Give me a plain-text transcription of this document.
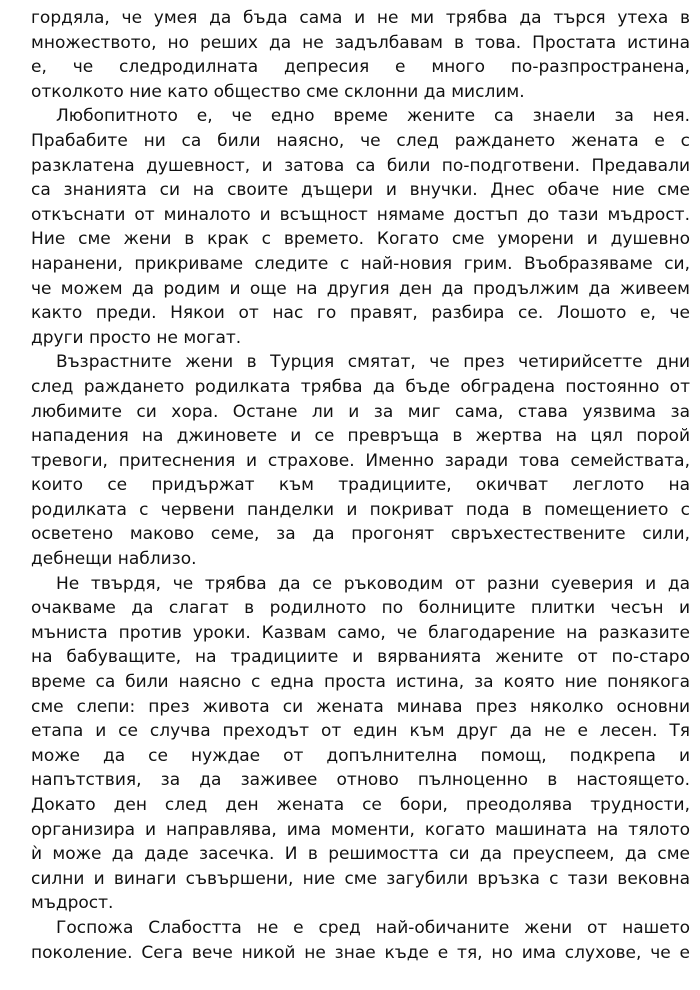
гордяла, че умея да бъда сама и не ми трябва да търся утеха в
множеството, но реших да не задълбавам в това. Простата истина
е, че следродилната депресия е много по-разпространена,
отколкото ние като общество сме склонни да мислим.

Любопитното е, че едно време жените са знаели за нея.
Прабабите ни са били наясно, че след раждането жената е с
разклатена душевност, и затова са били по-подготвени. Предавали
са знанията си на своите дъщери и внучки. Днес обаче ние сме
откъснати от миналото и всъщност нямаме достъп до тази мъдрост.
Ние сме жени в крак с времето. Когато сме уморени и душевно
наранени, прикриваме следите с най-новия грим. Въобразяваме си,
че можем да родим и още на другия ден да продължим да живеем
както преди. Някои от нас го правят, разбира се. Лошото е, че
други просто не могат.

Възрастните жени в Турция смятат, че през четирийсетте дни
след раждането родилката трябва да бъде обградена постоянно от
любимите си хора. Остане ли и за миг сама, става уязвима за
нападения на джиновете и се превръща в жертва на цял порой
тревоги, притеснения и страхове. Именно заради това семействата,
които се придържат към традициите, окичват леглото на
родилката с червени панделки и покриват пода в помещението с
осветено маково семе, за да прогонят свръхестествените сили,
дебнещи наблизо.

Не твърдя, че трябва да се ръководим от разни суеверия и да
очакваме да слагат в родилното по болниците плитки чесън и
мъниста против уроки. Казвам само, че благодарение на разказите
на бабуващите, на традициите и вярванията жените от по-старо
време са били наясно с една проста истина, за която ние понякога
сме слепи: през живота си жената минава през няколко основни
етапа и се случва преходът от един към друг да не е лесен. Тя
може да се нуждае от допълнителна помощ, подкрепа и
напътствия, за да заживее отново пълноценно в настоящето.
Докато ден след ден жената се бори, преодолява трудности,
организира и направлява, има моменти, когато машината на тялото
ѝ може да даде засечка. И в решимостта си да преуспеем, да сме
силни и винаги съвършени, ние сме загубили връзка с тази вековна
мъдрост.

Госпожа Слабостта не е сред най-обичаните жени от нашето
поколение. Сега вече никой не знае къде е тя, но има слухове, че е
